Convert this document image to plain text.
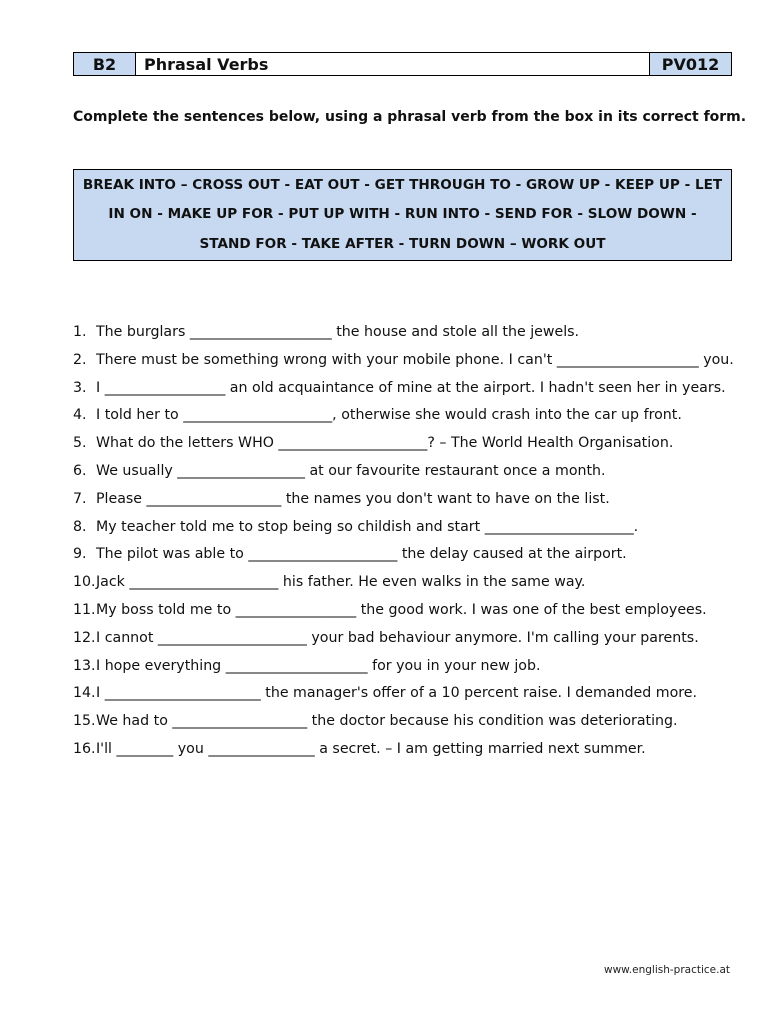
B2	Phrasal Verbs	PV012
Complete the sentences below, using a phrasal verb from the box in its correct form.
BREAK INTO – CROSS OUT - EAT OUT - GET THROUGH TO - GROW UP - KEEP UP - LET IN ON - MAKE UP FOR - PUT UP WITH - RUN INTO - SEND FOR - SLOW DOWN - STAND FOR - TAKE AFTER - TURN DOWN – WORK OUT
1. The burglars ____________________ the house and stole all the jewels.
2. There must be something wrong with your mobile phone. I can't ____________________ you.
3. I _________________ an old acquaintance of mine at the airport. I hadn't seen her in years.
4. I told her to _____________________, otherwise she would crash into the car up front.
5. What do the letters WHO _____________________? – The World Health Organisation.
6. We usually __________________ at our favourite restaurant once a month.
7. Please ___________________ the names you don't want to have on the list.
8. My teacher told me to stop being so childish and start _____________________.
9. The pilot was able to _____________________ the delay caused at the airport.
10. Jack _____________________ his father. He even walks in the same way.
11. My boss told me to _________________ the good work. I was one of the best employees.
12. I cannot _____________________ your bad behaviour anymore. I'm calling your parents.
13. I hope everything ____________________ for you in your new job.
14. I ______________________ the manager's offer of a 10 percent raise. I demanded more.
15. We had to ___________________ the doctor because his condition was deteriorating.
16. I'll ________ you _______________ a secret. – I am getting married next summer.
www.english-practice.at
